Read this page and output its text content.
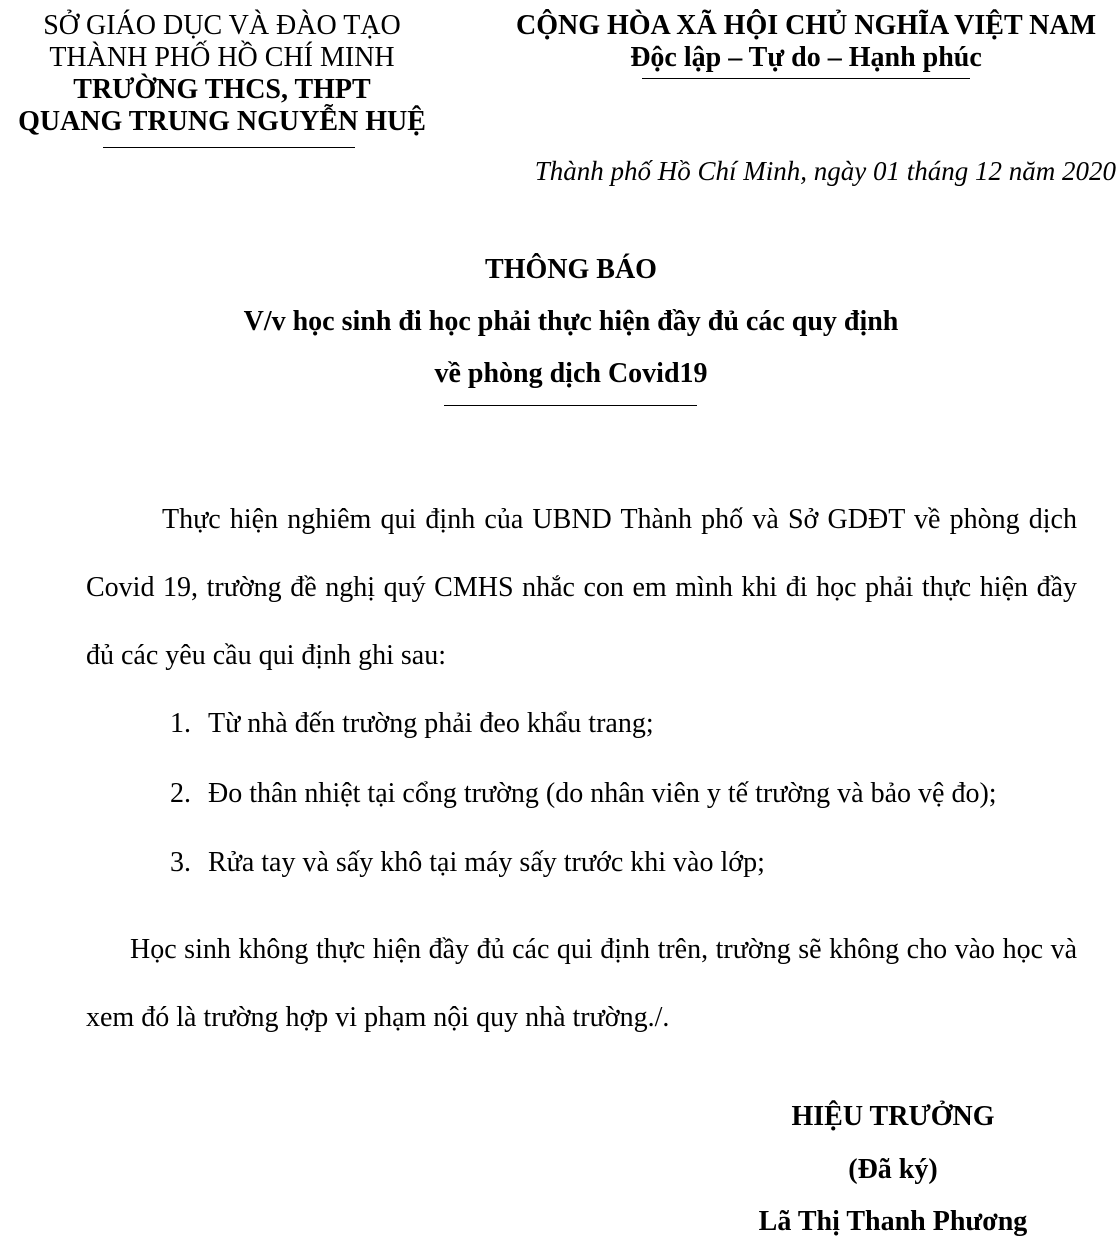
SỞ GIÁO DỤC VÀ ĐÀO TẠO
THÀNH PHỐ HỒ CHÍ MINH
TRƯỜNG THCS, THPT
QUANG TRUNG NGUYỄN HUỆ
CỘNG HÒA XÃ HỘI CHỦ NGHĨA VIỆT NAM
Độc lập – Tự do – Hạnh phúc
Thành phố Hồ Chí Minh, ngày 01 tháng 12 năm 2020
THÔNG BÁO
V/v học sinh đi học phải thực hiện đầy đủ các quy định
về phòng dịch Covid19
Thực hiện nghiêm qui định của UBND Thành phố và Sở GDĐT về phòng dịch Covid 19, trường đề nghị quý CMHS nhắc con em mình khi đi học phải thực hiện đầy đủ các yêu cầu qui định ghi sau:
1. Từ nhà đến trường phải đeo khẩu trang;
2. Đo thân nhiệt tại cổng trường (do nhân viên y tế trường và bảo vệ đo);
3. Rửa tay và sấy khô tại máy sấy trước khi vào lớp;
Học sinh không thực hiện đầy đủ các qui định trên, trường sẽ không cho vào học và xem đó là trường hợp vi phạm nội quy nhà trường./.
HIỆU TRƯỞNG
(Đã ký)
Lã Thị Thanh Phương
